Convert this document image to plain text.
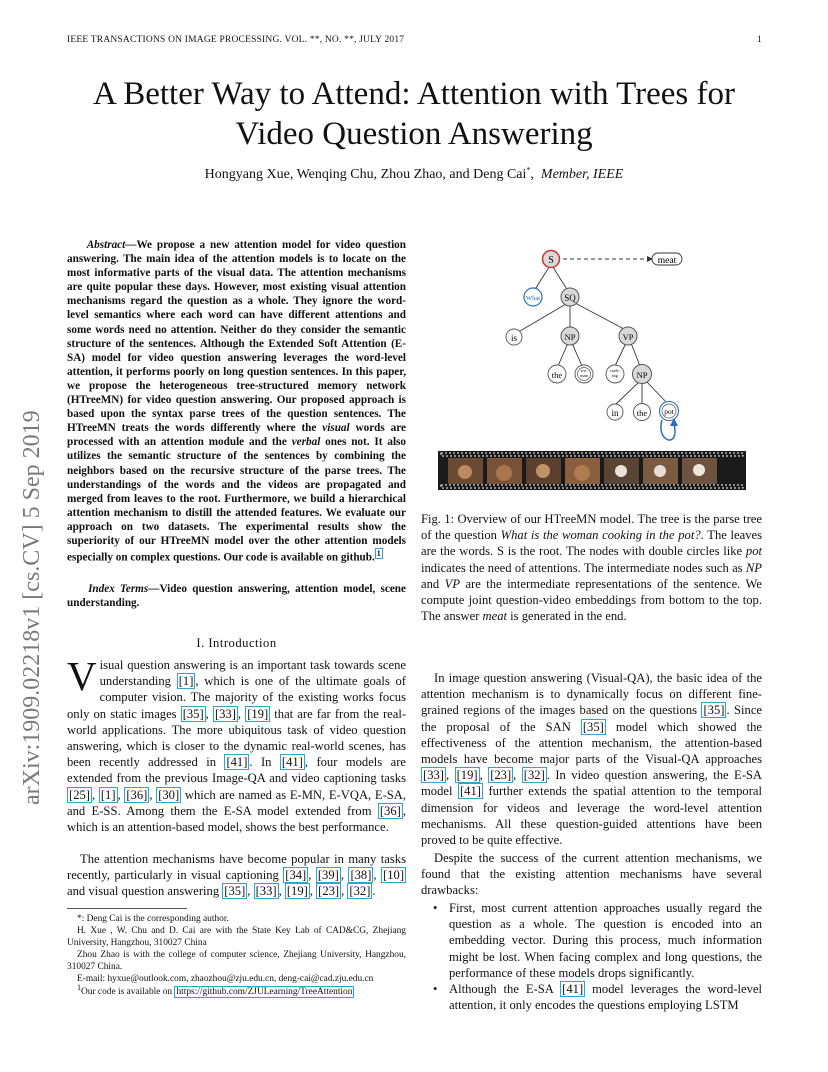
IEEE TRANSACTIONS ON IMAGE PROCESSING. VOL. **, NO. **, JULY 2017	1
arXiv:1909.02218v1 [cs.CV] 5 Sep 2019
A Better Way to Attend: Attention with Trees for
Video Question Answering
Hongyang Xue, Wenqing Chu, Zhou Zhao, and Deng Cai*,  Member, IEEE
Abstract—We propose a new attention model for video question answering. The main idea of the attention models is to locate on the most informative parts of the visual data. The attention mechanisms are quite popular these days. However, most existing visual attention mechanisms regard the question as a whole. They ignore the word-level semantics where each word can have different attentions and some words need no attention. Neither do they consider the semantic structure of the sentences. Although the Extended Soft Attention (E-SA) model for video question answering leverages the word-level attention, it performs poorly on long question sentences. In this paper, we propose the heterogeneous tree-structured memory network (HTreeMN) for video question answering. Our proposed approach is based upon the syntax parse trees of the question sentences. The HTreeMN treats the words differently where the visual words are processed with an attention module and the verbal ones not. It also utilizes the semantic structure of the sentences by combining the neighbors based on the recursive structure of the parse trees. The understandings of the words and the videos are propagated and merged from leaves to the root. Furthermore, we build a hierarchical attention mechanism to distill the attended features. We evaluate our approach on two datasets. The experimental results show the superiority of our HTreeMN model over the other attention models especially on complex questions. Our code is available on github. $^1$
Index Terms—Video question answering, attention model, scene understanding.
I. Introduction
Visual question answering is an important task towards scene understanding [1] , which is one of the ultimate goals of computer vision. The majority of the existing works focus only on static images [35] , [33] , [19] that are far from the real-world applications. The more ubiquitous task of video question answering, which is closer to the dynamic real-world scenes, has been recently addressed in [41] . In [41] , four models are extended from the previous Image-QA and video captioning tasks [25] , [1] , [36] , [30] which are named as E-MN, E-VQA, E-SA, and E-SS. Among them the E-SA model extended from [36] , which is an attention-based model, shows the best performance.
The attention mechanisms have become popular in many tasks recently, particularly in visual captioning [34] , [39] , [38] , [10] and visual question answering [35] , [33] , [19] , [23] , [32] .

*: Deng Cai is the corresponding author.

H. Xue , W. Chu and D. Cai are with the State Key Lab of CAD&CG, Zhejiang University, Hangzhou, 310027 China

Zhou Zhao is with the college of computer science, Zhejiang University, Hangzhou, 310027 China.

E-mail: hyxue@outlook.com, zhaozhou@zju.edu.cn, deng-cai@cad.zju.edu.cn

$^1$Our code is available on https://github.com/ZJULearning/TreeAttention

S	meat
What	SQ
is	NP	VP
the	wo-man
cook-ing	NP
in the pot
Fig. 1: Overview of our HTreeMN model. The tree is the parse tree of the question What is the woman cooking in the pot?. The leaves are the words. S is the root. The nodes with double circles like pot indicates the need of attentions. The intermediate nodes such as NP and VP are the intermediate representations of the sentence. We compute joint question-video embeddings from bottom to the top. The answer meat is generated in the end.
In image question answering (Visual-QA), the basic idea of the attention mechanism is to dynamically focus on different fine-grained regions of the images based on the questions [35] . Since the proposal of the SAN [35] model which showed the effectiveness of the attention mechanism, the attention-based models have become major parts of the Visual-QA approaches [33] , [19] , [23] , [32] . In video question answering, the E-SA model [41] further extends the spatial attention to the temporal dimension for videos and leverage the word-level attention mechanisms. All these question-guided attentions have been proved to be quite effective.
Despite the success of the current attention mechanisms, we found that the existing attention mechanisms have several drawbacks:
• First, most current attention approaches usually regard the question as a whole. The question is encoded into an embedding vector. During this process, much information might be lost. When facing complex and long questions, the performance of these models drops significantly.
• Although the E-SA [41] model leverages the word-level attention, it only encodes the questions employing LSTM
